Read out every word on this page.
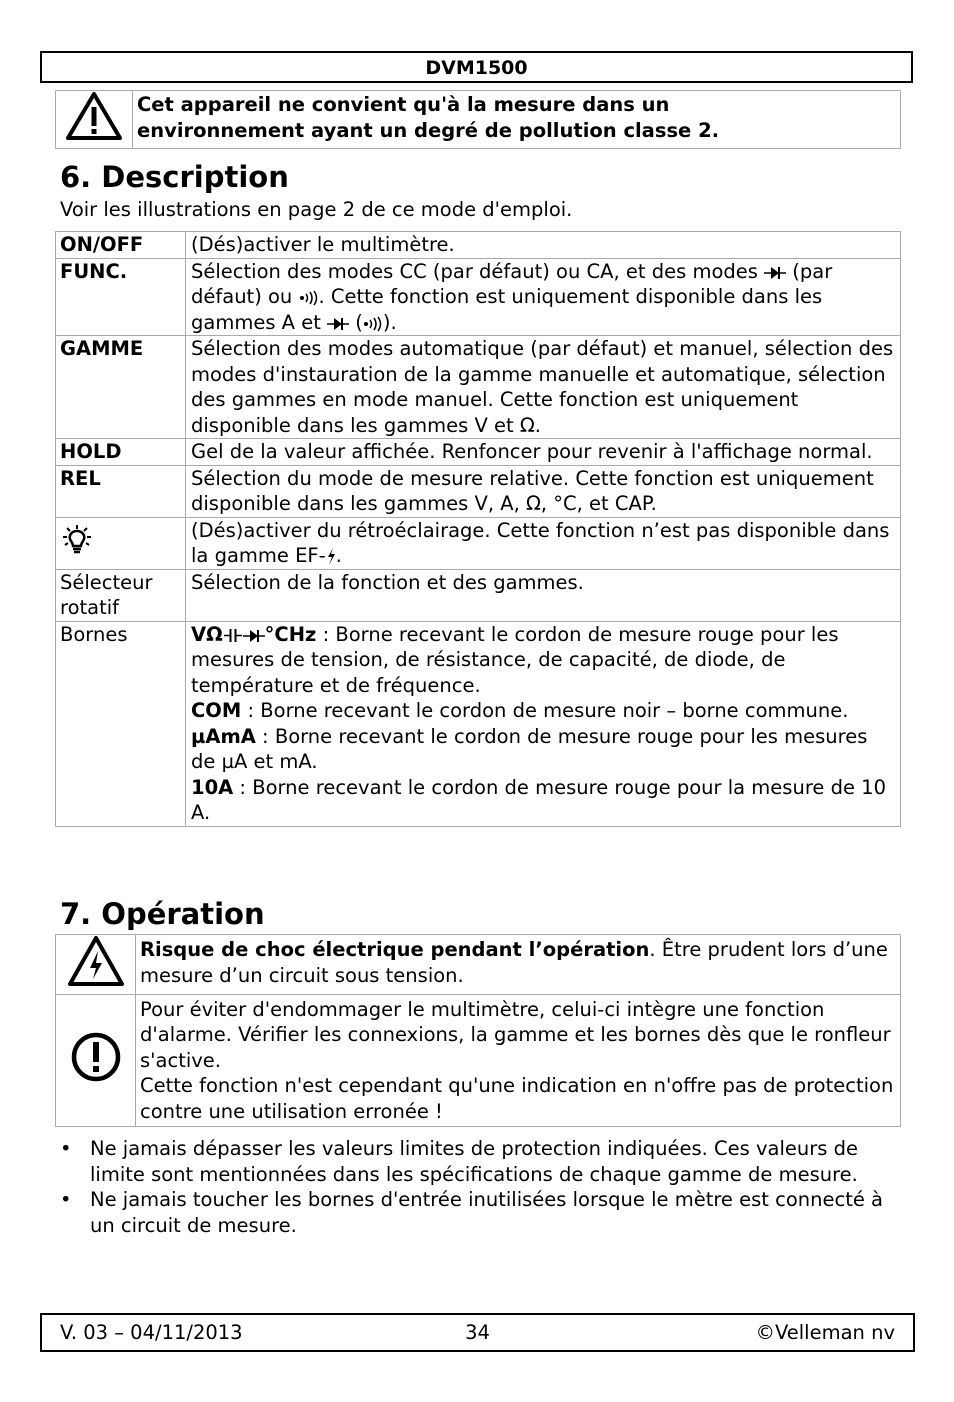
DVM1500
	Cet appareil ne convient qu'à la mesure dans un
environnement ayant un degré de pollution classe 2.
6. Description
Voir les illustrations en page 2 de ce mode d'emploi.
ON/OFF	(Dés)activer le multimètre.
FUNC.	Sélection des modes CC (par défaut) ou CA, et des modes  (par défaut) ou . Cette fonction est uniquement disponible dans les gammes A et  ( ).
GAMME	Sélection des modes automatique (par défaut) et manuel, sélection des modes d'instauration de la gamme manuelle et automatique, sélection des gammes en mode manuel. Cette fonction est uniquement disponible dans les gammes V et Ω.
HOLD	Gel de la valeur affichée. Renfoncer pour revenir à l'affichage normal.
REL	Sélection du mode de mesure relative. Cette fonction est uniquement disponible dans les gammes V, A, Ω, °C, et CAP.
	(Dés)activer du rétroéclairage. Cette fonction n’est pas disponible dans la gamme EF- .
Sélecteur rotatif	Sélection de la fonction et des gammes.
Bornes	VΩ °CHz : Borne recevant le cordon de mesure rouge pour les mesures de tension, de résistance, de capacité, de diode, de température et de fréquence.
COM : Borne recevant le cordon de mesure noir – borne commune.
µAmA : Borne recevant le cordon de mesure rouge pour les mesures de µA et mA.
10A : Borne recevant le cordon de mesure rouge pour la mesure de 10 A.
7. Opération
	Risque de choc électrique pendant l’opération. Être prudent lors d’une mesure d’un circuit sous tension.
	Pour éviter d'endommager le multimètre, celui-ci intègre une fonction d'alarme. Vérifier les connexions, la gamme et les bornes dès que le ronfleur s'active.
Cette fonction n'est cependant qu'une indication en n'offre pas de protection contre une utilisation erronée !
• Ne jamais dépasser les valeurs limites de protection indiquées. Ces valeurs de limite sont mentionnées dans les spécifications de chaque gamme de mesure.
• Ne jamais toucher les bornes d'entrée inutilisées lorsque le mètre est connecté à un circuit de mesure.
V. 03 – 04/11/2013	34	©Velleman nv
